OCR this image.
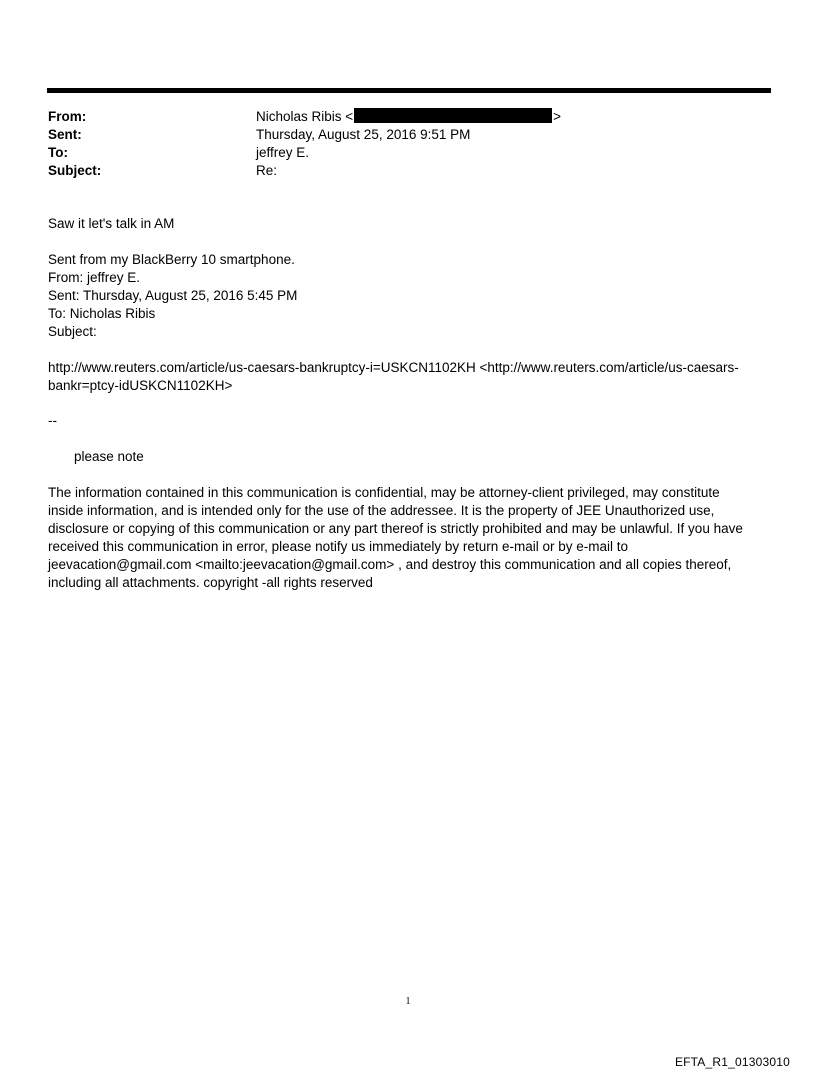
From:	Nicholas Ribis <	>
Sent:	Thursday, August 25, 2016 9:51 PM
To:	jeffrey E.
Subject:	Re:
Saw it let's talk in AM
Sent from my BlackBerry 10 smartphone.
From: jeffrey E.
Sent: Thursday, August 25, 2016 5:45 PM
To: Nicholas Ribis
Subject:
http://www.reuters.com/article/us-caesars-bankruptcy-i=USKCN1102KH <http://www.reuters.com/article/us-caesars-
bankr=ptcy-idUSKCN1102KH>
--
please note
The information contained in this communication is confidential, may be attorney-client privileged, may constitute
inside information, and is intended only for the use of the addressee. It is the property of JEE Unauthorized use,
disclosure or copying of this communication or any part thereof is strictly prohibited and may be unlawful. If you have
received this communication in error, please notify us immediately by return e-mail or by e-mail to
jeevacation@gmail.com <mailto:jeevacation@gmail.com> , and destroy this communication and all copies thereof,
including all attachments. copyright -all rights reserved
1
EFTA_R1_01303010
